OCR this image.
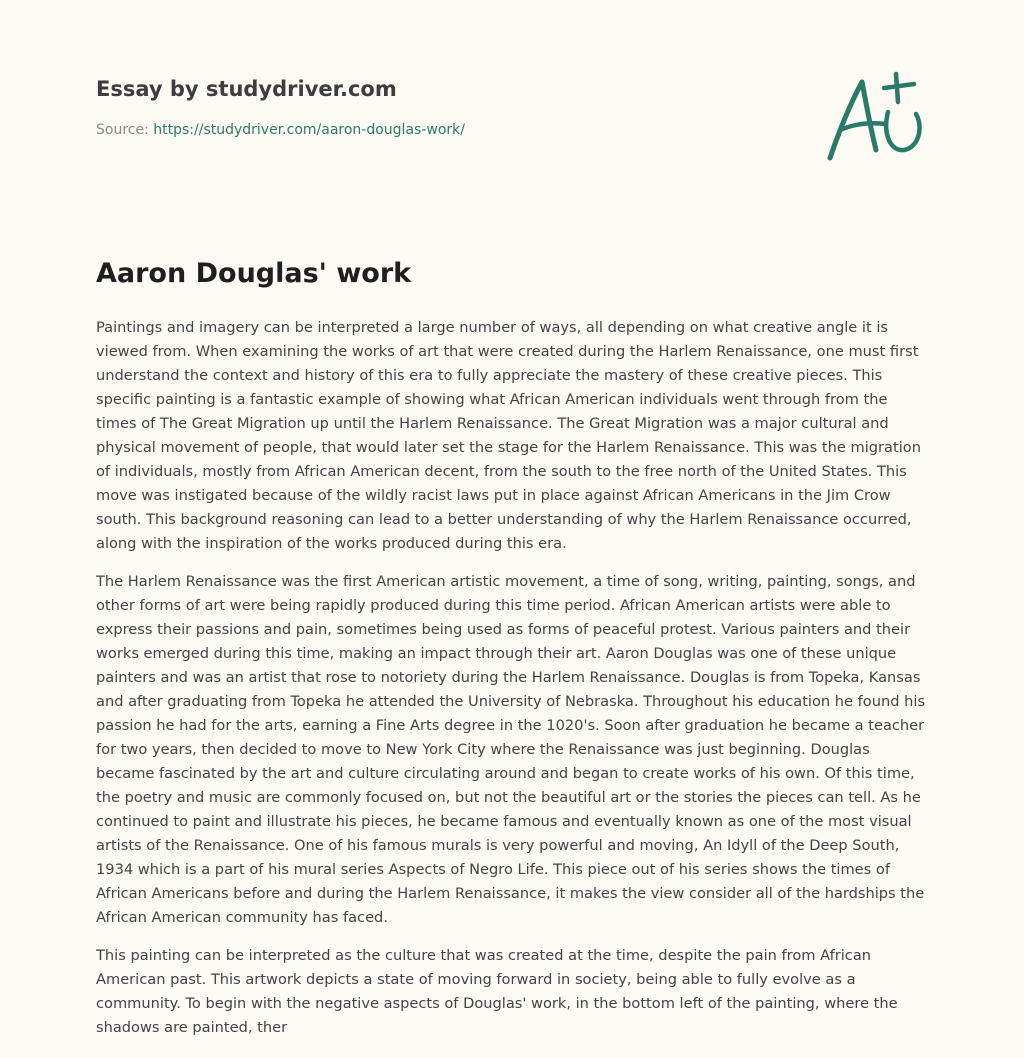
Essay by studydriver.com
Source: https://studydriver.com/aaron-douglas-work/
Aaron Douglas' work

Paintings and imagery can be interpreted a large number of ways, all depending on what creative angle it is viewed from. When examining the works of art that were created during the Harlem Renaissance, one must first understand the context and history of this era to fully appreciate the mastery of these creative pieces. This specific painting is a fantastic example of showing what African American individuals went through from the times of The Great Migration up until the Harlem Renaissance. The Great Migration was a major cultural and physical movement of people, that would later set the stage for the Harlem Renaissance. This was the migration of individuals, mostly from African American decent, from the south to the free north of the United States. This move was instigated because of the wildly racist laws put in place against African Americans in the Jim Crow south. This background reasoning can lead to a better understanding of why the Harlem Renaissance occurred, along with the inspiration of the works produced during this era.

The Harlem Renaissance was the first American artistic movement, a time of song, writing, painting, songs, and other forms of art were being rapidly produced during this time period. African American artists were able to express their passions and pain, sometimes being used as forms of peaceful protest. Various painters and their works emerged during this time, making an impact through their art. Aaron Douglas was one of these unique painters and was an artist that rose to notoriety during the Harlem Renaissance. Douglas is from Topeka, Kansas and after graduating from Topeka he attended the University of Nebraska. Throughout his education he found his passion he had for the arts, earning a Fine Arts degree in the 1020's. Soon after graduation he became a teacher for two years, then decided to move to New York City where the Renaissance was just beginning. Douglas became fascinated by the art and culture circulating around and began to create works of his own. Of this time, the poetry and music are commonly focused on, but not the beautiful art or the stories the pieces can tell. As he continued to paint and illustrate his pieces, he became famous and eventually known as one of the most visual artists of the Renaissance. One of his famous murals is very powerful and moving, An Idyll of the Deep South, 1934 which is a part of his mural series Aspects of Negro Life. This piece out of his series shows the times of African Americans before and during the Harlem Renaissance, it makes the view consider all of the hardships the African American community has faced.

This painting can be interpreted as the culture that was created at the time, despite the pain from African American past. This artwork depicts a state of moving forward in society, being able to fully evolve as a community. To begin with the negative aspects of Douglas' work, in the bottom left of the painting, where the shadows are painted, ther
